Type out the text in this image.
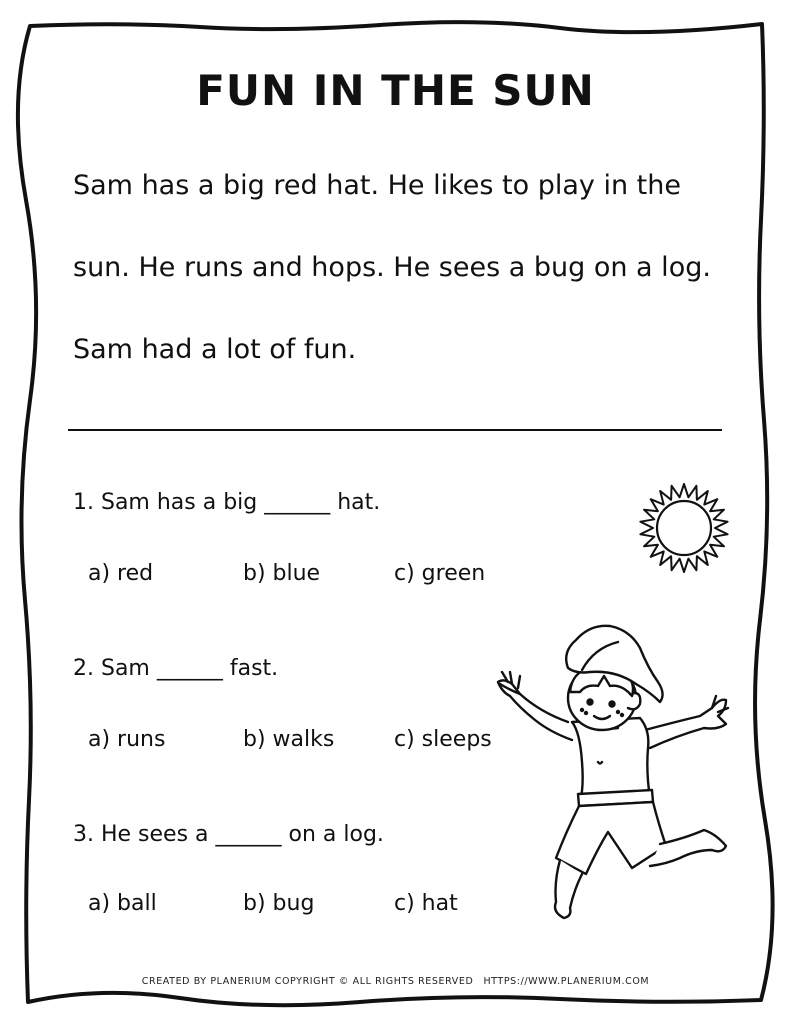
FUN IN THE SUN
Sam has a big red hat. He likes to play in the
sun. He runs and hops. He sees a bug on a log.
Sam had a lot of fun.
1. Sam has a big ______ hat.
a) red	b) blue	c) green
2. Sam ______ fast.
a) runs	b) walks	c) sleeps
3. He sees a ______ on a log.
a) ball	b) bug	c) hat
CREATED BY PLANERIUM COPYRIGHT © ALL RIGHTS RESERVED HTTPS://WWW.PLANERIUM.COM
